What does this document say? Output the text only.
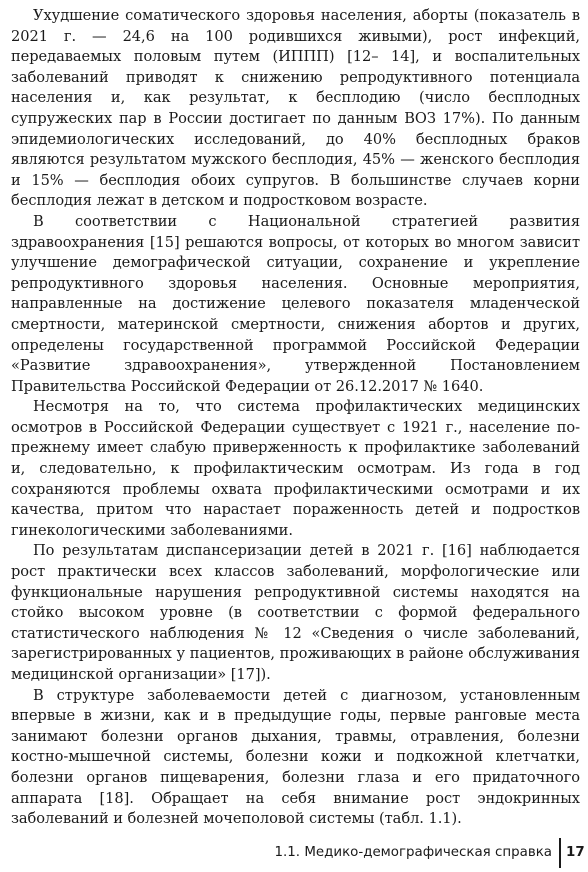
Ухудшение соматического здоровья населения, аборты (показатель в 2021 г. — 24,6 на 100 родившихся живыми), рост инфекций, передаваемых половым путем (ИППП) [12– 14], и воспалительных заболеваний приводят к снижению репродуктивного потенциала населения и, как результат, к бесплодию (число бесплодных супружеских пар в России достигает по данным ВОЗ 17%). По данным эпидемиологических исследований, до 40% бесплодных браков являются результатом мужского бесплодия, 45% — женского бесплодия и 15% — бесплодия обоих супругов. В большинстве случаев корни бесплодия лежат в детском и подростковом возрасте.

В соответствии с Национальной стратегией развития здравоохранения [15] решаются вопросы, от которых во многом зависит улучшение демографической ситуации, сохранение и укрепление репродуктивного здоровья населения. Основные мероприятия, направленные на достижение целевого показателя младенческой смертности, материнской смертности, снижения абортов и других, определены государственной программой Российской Федерации «Развитие здравоохранения», утвержденной Постановлением Правительства Российской Федерации от 26.12.2017 № 1640.

Несмотря на то, что система профилактических медицинских осмотров в Российской Федерации существует с 1921 г., население по-прежнему имеет слабую приверженность к профилактике заболеваний и, следовательно, к профилактическим осмотрам. Из года в год сохраняются проблемы охвата профилактическими осмотрами и их качества, притом что нарастает пораженность детей и подростков гинекологическими заболеваниями.

По результатам диспансеризации детей в 2021 г. [16] наблюдается рост практически всех классов заболеваний, морфологические или функциональные нарушения репродуктивной системы находятся на стойко высоком уровне (в соответствии с формой федерального статистического наблюдения № 12 «Сведения о числе заболеваний, зарегистрированных у пациентов, проживающих в районе обслуживания медицинской организации» [17]).

В структуре заболеваемости детей с диагнозом, установленным впервые в жизни, как и в предыдущие годы, первые ранговые места занимают болезни органов дыхания, травмы, отравления, болезни костно-мышечной системы, болезни кожи и подкожной клетчатки, болезни органов пищеварения, болезни глаза и его придаточного аппарата [18]. Обращает на себя внимание рост эндокринных заболеваний и болезней мочеполовой системы (табл. 1.1).

1.1. Медико-демографическая справка 17
